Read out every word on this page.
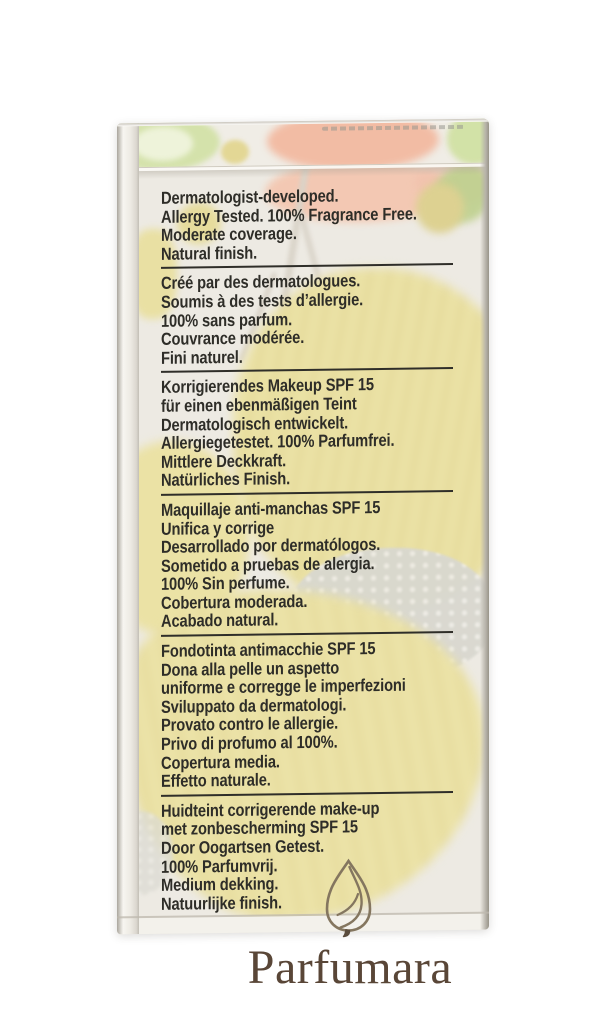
Dermatologist-developed.
Allergy Tested. 100% Fragrance Free.
Moderate coverage.
Natural finish.
Créé par des dermatologues.
Soumis à des tests d’allergie.
100% sans parfum.
Couvrance modérée.
Fini naturel.
Korrigierendes Makeup SPF 15
für einen ebenmäßigen Teint
Dermatologisch entwickelt.
Allergiegetestet. 100% Parfumfrei.
Mittlere Deckkraft.
Natürliches Finish.
Maquillaje anti-manchas SPF 15
Unifica y corrige
Desarrollado por dermatólogos.
Sometido a pruebas de alergia.
100% Sin perfume.
Cobertura moderada.
Acabado natural.
Fondotinta antimacchie SPF 15
Dona alla pelle un aspetto
uniforme e corregge le imperfezioni
Sviluppato da dermatologi.
Provato contro le allergie.
Privo di profumo al 100%.
Copertura media.
Effetto naturale.
Huidteint corrigerende make-up
met zonbescherming SPF 15
Door Oogartsen Getest.
100% Parfumvrij.
Medium dekking.
Natuurlijke finish.
Parfumara
